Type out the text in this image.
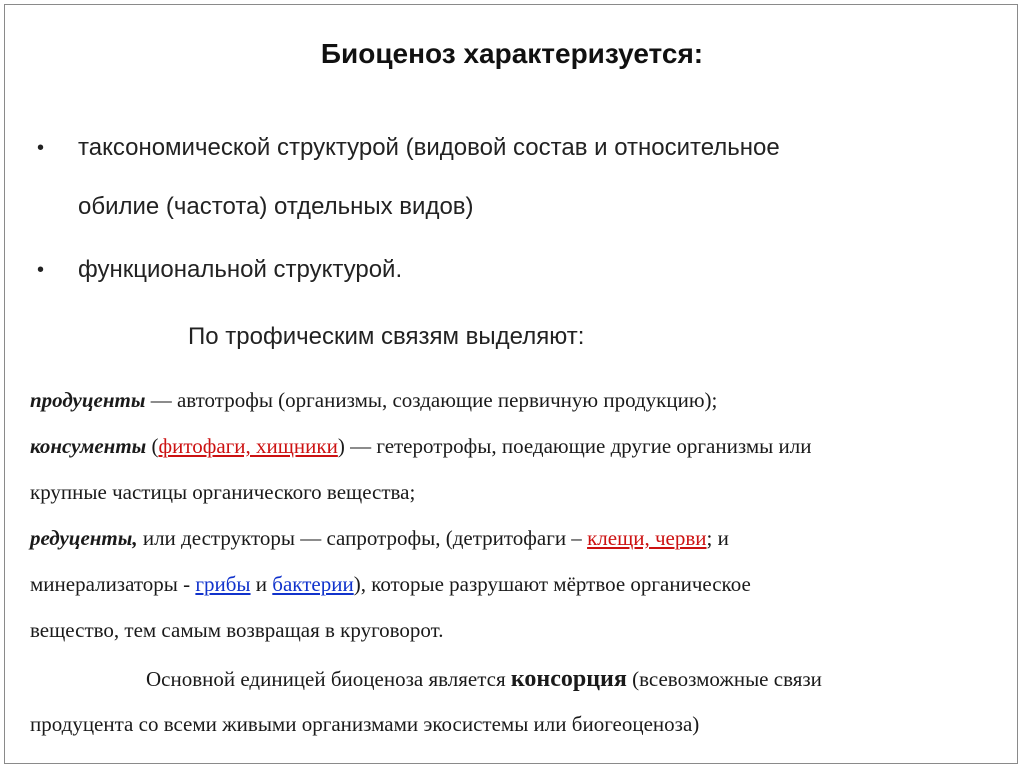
Биоценоз характеризуется:
• таксономической структурой (видовой состав и относительное
обилие (частота) отдельных видов)
• функциональной структурой.
По трофическим связям выделяют:
продуценты — автотрофы (организмы, создающие первичную продукцию);
консументы (фитофаги, хищники) — гетеротрофы, поедающие другие организмы или
крупные частицы органического вещества;
редуценты, или деструкторы — сапротрофы, (детритофаги – клещи, черви; и
минерализаторы - грибы и бактерии), которые разрушают мёртвое органическое
вещество, тем самым возвращая в круговорот.
Основной единицей биоценоза является консорция (всевозможные связи
продуцента со всеми живыми организмами экосистемы или биогеоценоза)
